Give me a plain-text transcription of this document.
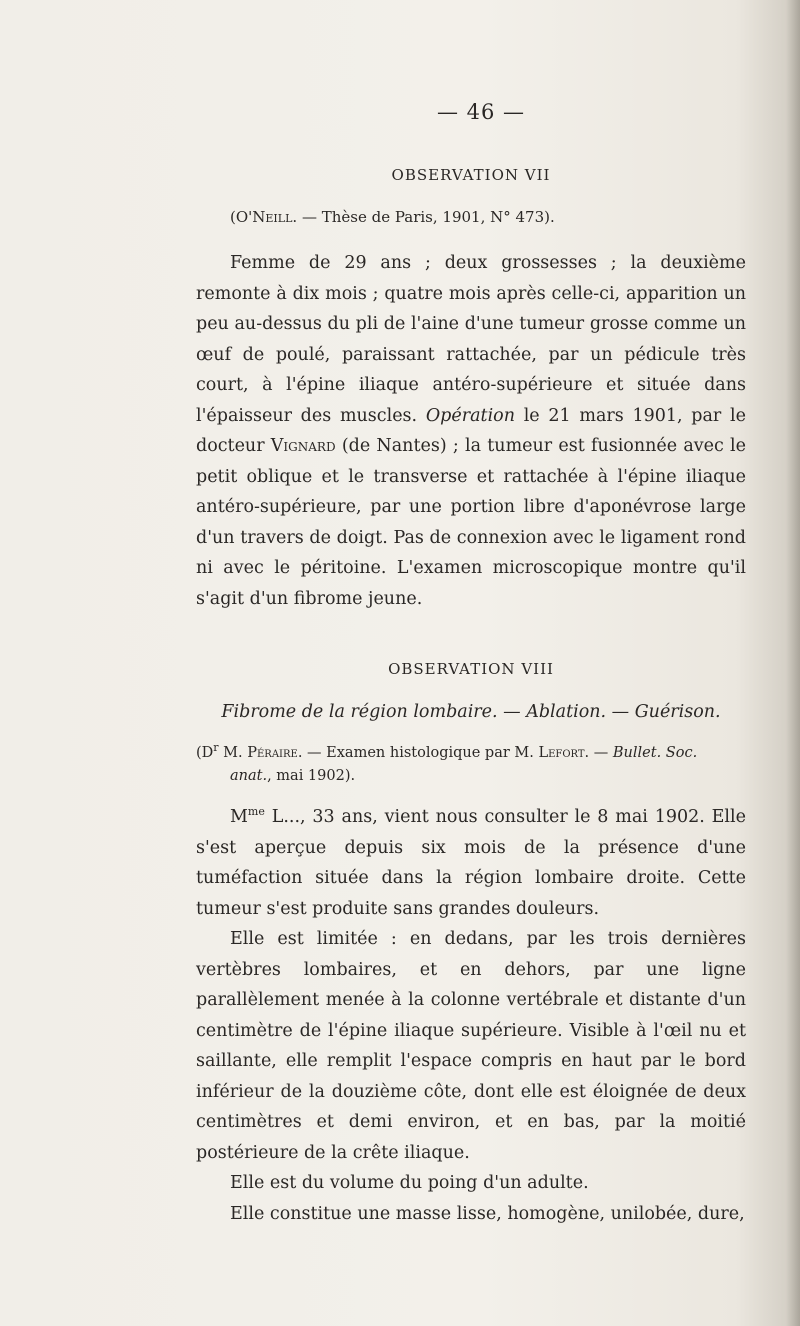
— 46 —
OBSERVATION VII

(O'Neill. — Thèse de Paris, 1901, N° 473).

Femme de 29 ans ; deux grossesses ; la deuxième remonte à dix mois ; quatre mois après celle-ci, apparition un peu au-dessus du pli de l'aine d'une tumeur grosse comme un œuf de poulé, paraissant rattachée, par un pédicule très court, à l'épine iliaque antéro-supérieure et située dans l'épaisseur des muscles. Opération le 21 mars 1901, par le docteur Vignard (de Nantes) ; la tumeur est fusionnée avec le petit oblique et le transverse et rattachée à l'épine iliaque antéro-supérieure, par une portion libre d'aponévrose large d'un travers de doigt. Pas de connexion avec le ligament rond ni avec le péritoine. L'examen microscopique montre qu'il s'agit d'un fibrome jeune.

OBSERVATION VIII
Fibrome de la région lombaire. — Ablation. — Guérison.

($D^r$ M. Péraire. — Examen histologique par M. Lefort. — Bullet. Soc.
anat., mai 1902).

$M^{me}$ L..., 33 ans, vient nous consulter le 8 mai 1902. Elle s'est aperçue depuis six mois de la présence d'une tuméfaction située dans la région lombaire droite. Cette tumeur s'est produite sans grandes douleurs.

Elle est limitée : en dedans, par les trois dernières vertèbres lombaires, et en dehors, par une ligne parallèlement menée à la colonne vertébrale et distante d'un centimètre de l'épine iliaque supérieure. Visible à l'œil nu et saillante, elle remplit l'espace compris en haut par le bord inférieur de la douzième côte, dont elle est éloignée de deux centimètres et demi environ, et en bas, par la moitié postérieure de la crête iliaque.

Elle est du volume du poing d'un adulte.

Elle constitue une masse lisse, homogène, unilobée, dure,
